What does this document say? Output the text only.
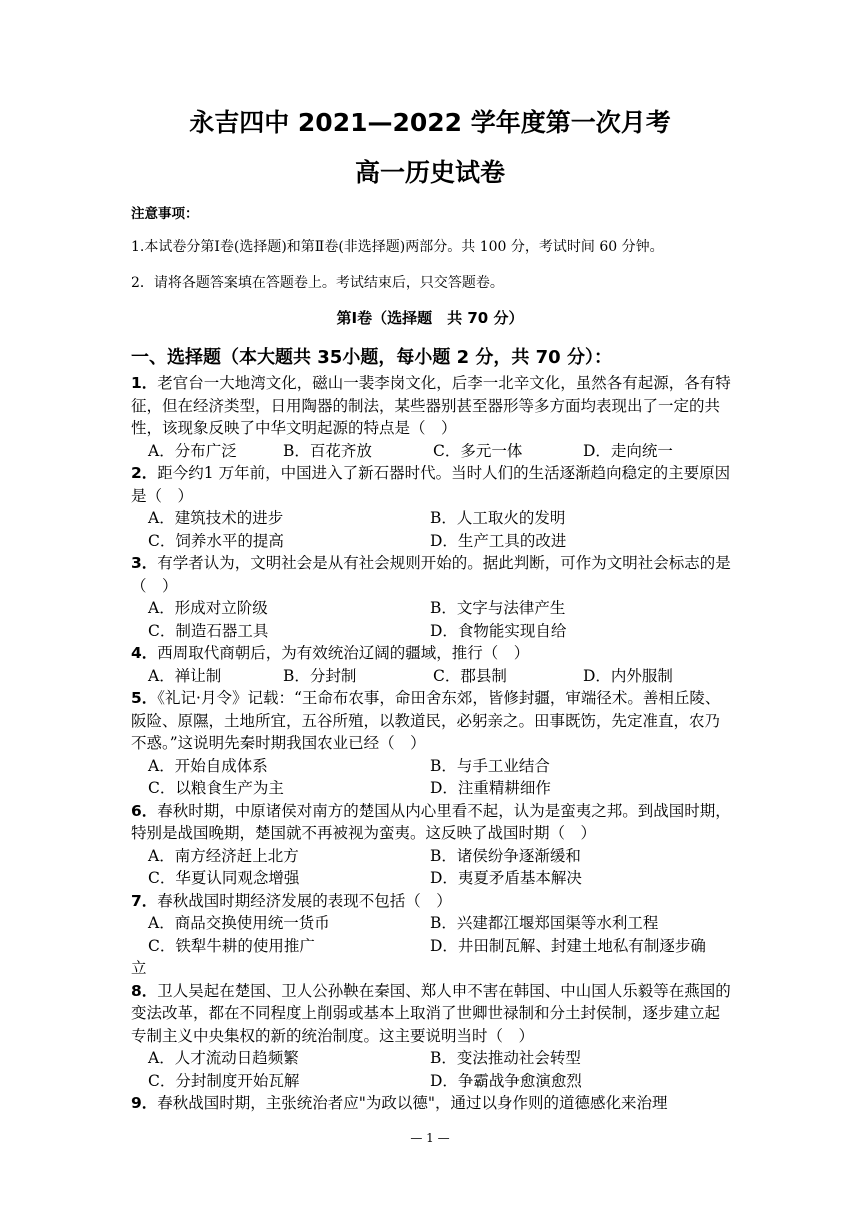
永吉四中 2021—2022 学年度第一次月考
高一历史试卷
注意事项：
1.本试卷分第Ⅰ卷(选择题)和第Ⅱ卷(非选择题)两部分。共 100 分，考试时间 60 分钟。
2．请将各题答案填在答题卷上。考试结束后，只交答题卷。
第Ⅰ卷（选择题　共 70 分）
一、选择题（本大题共 35小题，每小题 2 分，共 70 分）：
1．老官台一大地湾文化，磁山一裴李岗文化，后李一北辛文化，虽然各有起源，各有特征，但在经济类型，日用陶器的制法，某些器别甚至器形等多方面均表现出了一定的共性，该现象反映了中华文明起源的特点是（　）
A．分布广泛	B．百花齐放	C．多元一体	D．走向统一
2．距今约1 万年前，中国进入了新石器时代。当时人们的生活逐渐趋向稳定的主要原因是（　）
A．建筑技术的进步	B．人工取火的发明
C．饲养水平的提高	D．生产工具的改进
3．有学者认为，文明社会是从有社会规则开始的。据此判断，可作为文明社会标志的是（　）
A．形成对立阶级	B．文字与法律产生
C．制造石器工具	D．食物能实现自给
4．西周取代商朝后，为有效统治辽阔的疆域，推行（　）
A．禅让制	B．分封制	C．郡县制	D．内外服制
5．《礼记·月令》记载：“王命布农事，命田舍东郊，皆修封疆，审端径术。善相丘陵、阪险、原隰，土地所宜，五谷所殖，以教道民，必躬亲之。田事既饬，先定准直，农乃不惑。”这说明先秦时期我国农业已经（　）
A．开始自成体系	B．与手工业结合
C．以粮食生产为主	D．注重精耕细作
6．春秋时期，中原诸侯对南方的楚国从内心里看不起，认为是蛮夷之邦。到战国时期，特别是战国晚期，楚国就不再被视为蛮夷。这反映了战国时期（　）
A．南方经济赶上北方	B．诸侯纷争逐渐缓和
C．华夏认同观念增强	D．夷夏矛盾基本解决
7．春秋战国时期经济发展的表现不包括（　）
A．商品交换使用统一货币	B．兴建都江堰郑国渠等水利工程
C．铁犁牛耕的使用推广	D．井田制瓦解、封建土地私有制逐步确
立
8．卫人吴起在楚国、卫人公孙鞅在秦国、郑人申不害在韩国、中山国人乐毅等在燕国的变法改革，都在不同程度上削弱或基本上取消了世卿世禄制和分土封侯制，逐步建立起专制主义中央集权的新的统治制度。这主要说明当时（　）
A．人才流动日趋频繁	B．变法推动社会转型
C．分封制度开始瓦解	D．争霸战争愈演愈烈
9．春秋战国时期，主张统治者应"为政以德"，通过以身作则的道德感化来治理
— 1 —
